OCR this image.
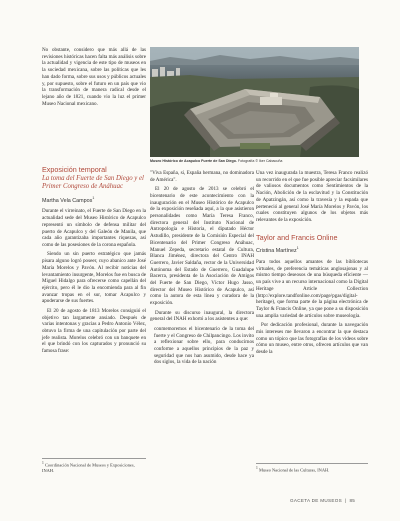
No obstante, considero que más allá de las revisiones históricas hacen falta más análisis sobre la actualidad y vigencia de este tipo de museos en la sociedad mexicana, sobre las políticas que les han dado forma, sobre sus usos y públicos actuales y, por supuesto, sobre el futuro en un país que vio la transformación de manera radical desde el lejano año de 1821, cuando vio la luz el primer Museo Nacional mexicano.

Museo Histórico de Acapulco Fuerte de San Diego. Fotografía © Iker Cabacuña

Exposición temporal

La toma del Fuerte de San Diego y el Primer Congreso de Anáhuac

Martha Vela Campos$^1$

Durante el virreinato, el Fuerte de San Diego en la actualidad sede del Museo Histórico de Acapulco representó un símbolo de defensa militar del puerto de Acapulco y del Galeón de Manila, que cada año garantizaba importantes riquezas, así como de las posesiones de la corona española.

Siendo un sin puerto estratégico que jamás pisara alguno logró poseer, cuyo abanico ante José María Morelos y Pavón. Al recibir noticias del levantamiento insurgente, Morelos fue en busca de Miguel Hidalgo para ofrecerse como capellán del ejército, pero él le dio la encomienda para al fin avanzar tropas en el sur, tomar Acapulco y apoderarse de sus fuertes.

El 20 de agosto de 1813 Morelos consiguió el objetivo tan largamente ansiado. Después de varias intentonas y gracias a Pedro Antonio Vélez, obtuvo la firma de una capitulación por parte del jefe realista. Morelos celebró con un banquete en el que brindó con los capturados y pronunció su famosa frase:

$^1$ Coordinación Nacional de Museos y Exposiciones, INAH.

"Viva España, sí, España hermana, no dominadora de América".

El 20 de agosto de 2013 se celebró el bicentenario de este acontecimiento con la inauguración en el Museo Histórico de Acapulco de la exposición reseñada aquí, a la que asistieron personalidades como María Teresa Franco, directora general del Instituto Nacional de Antropología e Historia, el diputado Héctor Astudillo, presidente de la Comisión Especial del Bicentenario del Primer Congreso Anáhuac, Manuel Zepeda, secretario estatal de Cultura, Blanca Jiménez, directora del Centro INAH Guerrero, Javier Saldaña, rector de la Universidad Autónoma del Estado de Guerrero, Guadalupe Bacerra, presidenta de la Asociación de Amigos del Fuerte de San Diego, Víctor Hugo Jasso, director del Museo Histórico de Acapulco, así como la autora de esta línea y curadora de la exposición.

Durante su discurso inaugural, la directora general del INAH exhortó a los asistentes a que:

conmemoremos el bicentenario de la toma del fuerte y el Congreso de Chilpancingo. Los invito a reflexionar sobre ello, para conducirnos conforme a aquellos principios de la paz y seguridad que nos han asumido, desde hace ya dos siglos, la vida de la nación

Una vez inaugurada la muestra, Teresa Franco realizó un recorrido en el que fue posible apreciar facsimilares de valiosos documentos como Sentimientos de la Nación, Abolición de la esclavitud y la Constitución de Apatzingán, así como la travesía y la espada que perteneció al general José María Morelos y Pavón, los cuales constituyen algunos de los objetos más relevantes de la exposición.

Taylor and Francis Online

Cristina Martínez$^1$

Para todos aquellos amantes de las bibliotecas virtuales, de preferencia temáticas anglosajonas y al mismo tiempo deseosos de una búsqueda eficiente —un país vive a un recurso internacional como la Digital Heritage Article Collection (http://explore.tandfonline.com/page/pgas/digital-heritage), que forma parte de la página electrónica de Taylor & Francis Online, ya que pone a su disposición una amplia variedad de artículos sobre museología.

Por dedicación profesional, durante la navegación mis intereses me llevaron a encontrar la que destaca como un tópico que las fotografías de los videos sobre cómo un museo, entre otros, ofrecen artículos que van desde la

$^1$ Museo Nacional de las Culturas, INAH.
GACETA DE MUSEOS | 85
